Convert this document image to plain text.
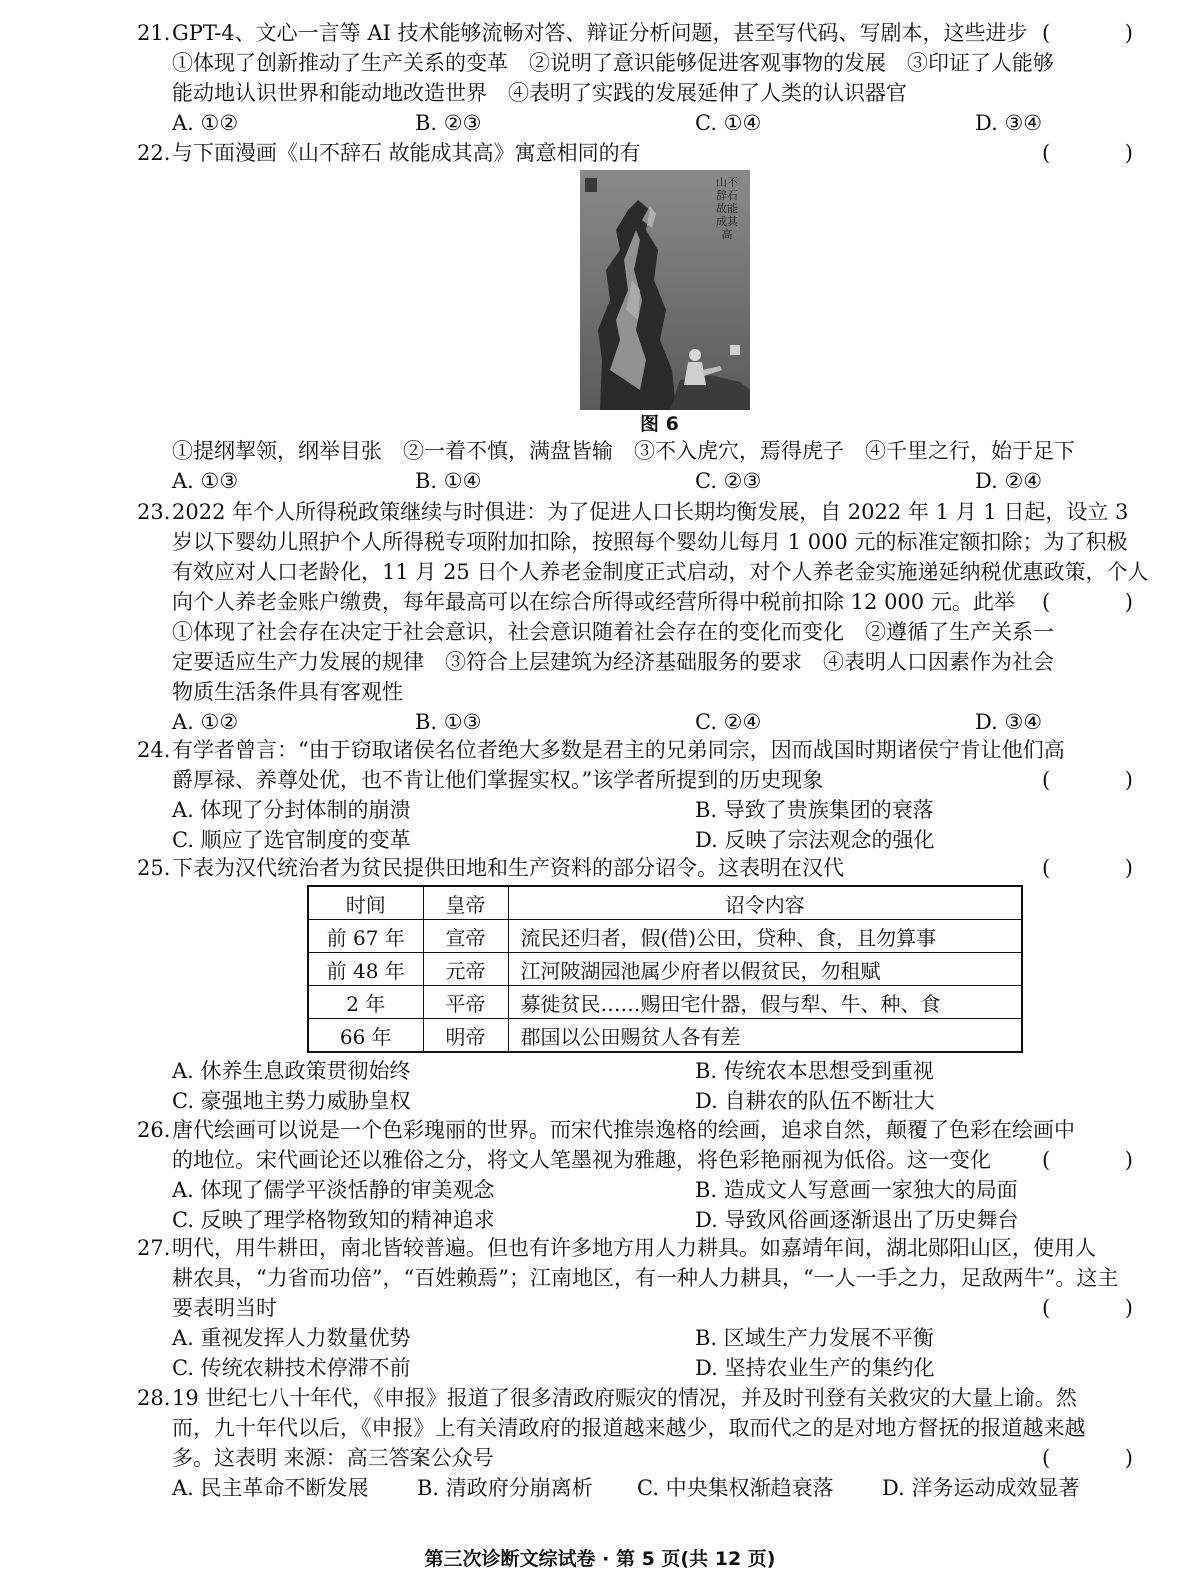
21.GPT-4、文心一言等 AI 技术能够流畅对答、辩证分析问题，甚至写代码、写剧本，这些进步 ( )
①体现了创新推动了生产关系的变革　②说明了意识能够促进客观事物的发展　③印证了人能够
能动地认识世界和能动地改造世界　④表明了实践的发展延伸了人类的认识器官
A. ①②	B. ②③	C. ①④	D. ③④
22.与下面漫画《山不辞石 故能成其高》寓意相同的有	( )
山不辞石故能成其高
图 6
①提纲挈领，纲举目张　②一着不慎，满盘皆输　③不入虎穴，焉得虎子　④千里之行，始于足下
A. ①③	B. ①④	C. ②③	D. ②④
23.2022 年个人所得税政策继续与时俱进：为了促进人口长期均衡发展，自 2022 年 1 月 1 日起，设立 3
岁以下婴幼儿照护个人所得税专项附加扣除，按照每个婴幼儿每月 1 000 元的标准定额扣除；为了积极
有效应对人口老龄化，11 月 25 日个人养老金制度正式启动，对个人养老金实施递延纳税优惠政策，个人
向个人养老金账户缴费，每年最高可以在综合所得或经营所得中税前扣除 12 000 元。此举 ( )
①体现了社会存在决定于社会意识，社会意识随着社会存在的变化而变化　②遵循了生产关系一
定要适应生产力发展的规律　③符合上层建筑为经济基础服务的要求　④表明人口因素作为社会
物质生活条件具有客观性
A. ①②	B. ①③	C. ②④	D. ③④
24.有学者曾言：“由于窃取诸侯名位者绝大多数是君主的兄弟同宗，因而战国时期诸侯宁肯让他们高
爵厚禄、养尊处优，也不肯让他们掌握实权。”该学者所提到的历史现象	( )
A. 体现了分封体制的崩溃	B. 导致了贵族集团的衰落
C. 顺应了选官制度的变革	D. 反映了宗法观念的强化
25.下表为汉代统治者为贫民提供田地和生产资料的部分诏令。这表明在汉代	( )
时间	皇帝	诏令内容
前 67 年	宣帝	流民还归者，假(借)公田，贷种、食，且勿算事
前 48 年	元帝	江河陂湖园池属少府者以假贫民，勿租赋
2 年	平帝	募徙贫民……赐田宅什器，假与犁、牛、种、食
66 年	明帝	郡国以公田赐贫人各有差
A. 休养生息政策贯彻始终	B. 传统农本思想受到重视
C. 豪强地主势力威胁皇权	D. 自耕农的队伍不断壮大
26.唐代绘画可以说是一个色彩瑰丽的世界。而宋代推崇逸格的绘画，追求自然，颠覆了色彩在绘画中
的地位。宋代画论还以雅俗之分，将文人笔墨视为雅趣，将色彩艳丽视为低俗。这一变化 ( )
A. 体现了儒学平淡恬静的审美观念	B. 造成文人写意画一家独大的局面
C. 反映了理学格物致知的精神追求	D. 导致风俗画逐渐退出了历史舞台
27.明代，用牛耕田，南北皆较普遍。但也有许多地方用人力耕具。如嘉靖年间，湖北郧阳山区，使用人
耕农具，“力省而功倍”，“百姓赖焉”；江南地区，有一种人力耕具，“一人一手之力，足敌两牛”。这主
要表明当时	( )
A. 重视发挥人力数量优势	B. 区域生产力发展不平衡
C. 传统农耕技术停滞不前	D. 坚持农业生产的集约化
28.19 世纪七八十年代，《申报》报道了很多清政府赈灾的情况，并及时刊登有关救灾的大量上谕。然
而，九十年代以后，《申报》上有关清政府的报道越来越少，取而代之的是对地方督抚的报道越来越
多。这表明 来源：高三答案公众号	( )
A. 民主革命不断发展 B. 清政府分崩离析 C. 中央集权渐趋衰落 D. 洋务运动成效显著
第三次诊断文综试卷 · 第 5 页(共 12 页)
